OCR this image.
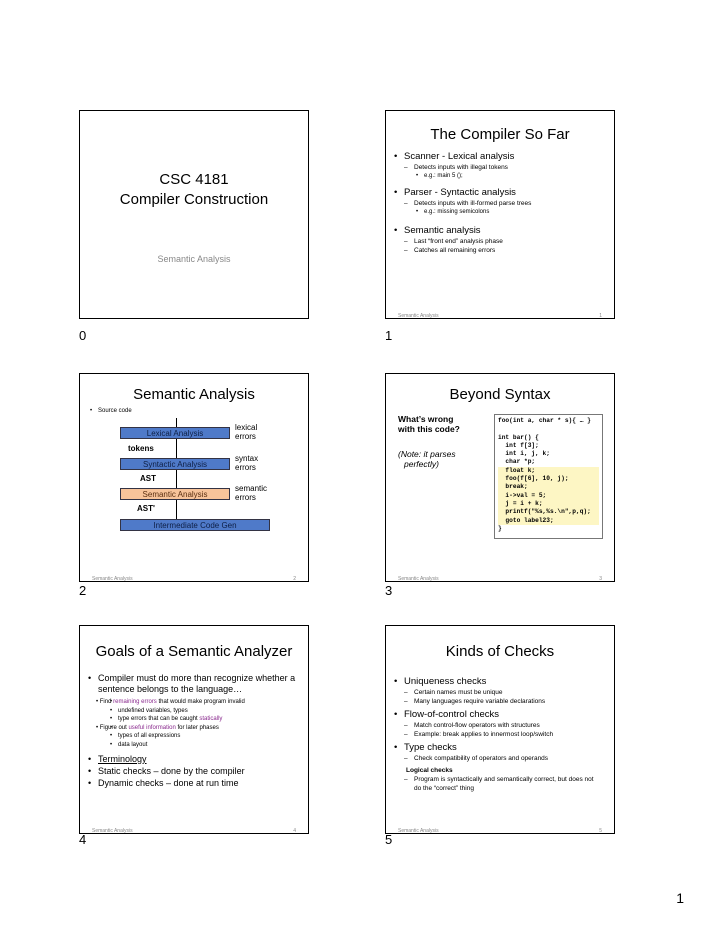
CSC 4181
Compiler Construction
Semantic Analysis
0
The Compiler So Far
• Scanner - Lexical analysis
– Detects inputs with illegal tokens
• e.g.: main 5 ();
• Parser - Syntactic analysis
– Detects inputs with ill-formed parse trees
• e.g.: missing semicolons
• Semantic analysis
– Last “front end” analysis phase
– Catches all remaining errors
Semantic Analysis	1
1
Semantic Analysis
• Source code
Lexical Analysis
lexical
errors
tokens
Syntactic Analysis
syntax
errors
AST
Semantic Analysis
semantic
errors
AST'
Intermediate Code Gen
Semantic Analysis	2
2
Beyond Syntax
What’s wrong
with this code?
(Note: it parses
perfectly)
foo(int a, char * s){ … }
int bar() {
int f[3];
int i, j, k;
char *p;
float k;
foo(f[6], 10, j);
break;
i->val = 5;
j = i + k;
printf("%s,%s.\n",p,q);
goto label23;
}
Semantic Analysis	3
3
Goals of a Semantic Analyzer
• Compiler must do more than recognize whether a sentence belongs to the language…
• • Find remaining errors that would make program invalid
• undefined variables, types
• type errors that can be caught statically
• • Figure out useful information for later phases
• types of all expressions
• data layout
• Terminology
• Static checks – done by the compiler
• Dynamic checks – done at run time
Semantic Analysis	4
4
Kinds of Checks
• Uniqueness checks
– Certain names must be unique
– Many languages require variable declarations
• Flow-of-control checks
– Match control-flow operators with structures
– Example: break applies to innermost loop/switch
• Type checks
– Check compatibility of operators and operands
Logical checks
– Program is syntactically and semantically correct, but does not do the “correct” thing
Semantic Analysis	5
5
1
